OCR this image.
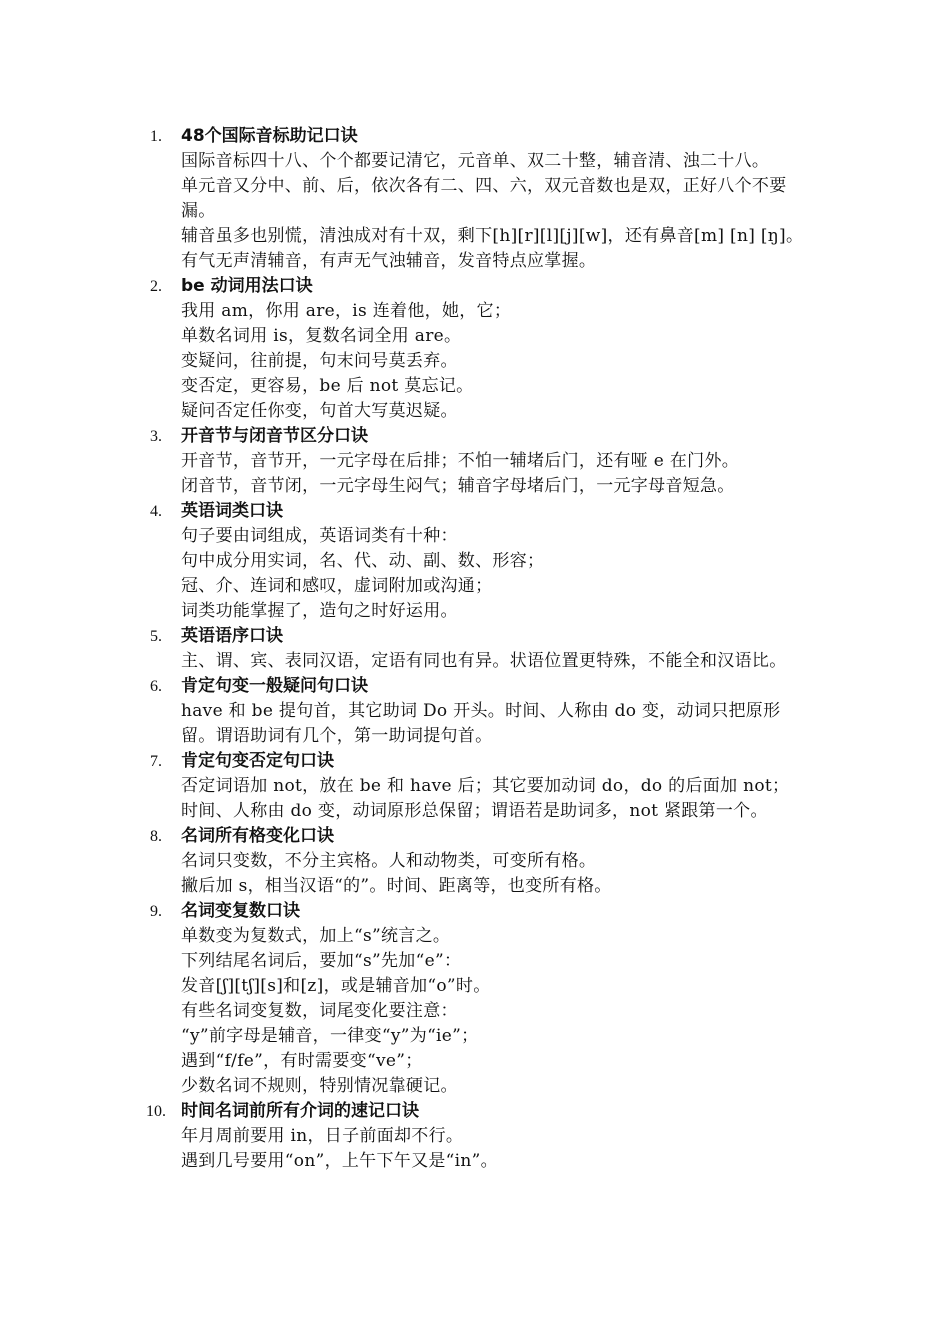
1.	48个国际音标助记口诀
国际音标四十八、个个都要记清它，元音单、双二十整，辅音清、浊二十八。
单元音又分中、前、后，依次各有二、四、六，双元音数也是双，正好八个不要漏。
辅音虽多也别慌，清浊成对有十双，剩下[h][r][l][j][w]，还有鼻音[m] [n] [ŋ]。
有气无声清辅音，有声无气浊辅音，发音特点应掌握。
2.	be 动词用法口诀
我用 am，你用 are，is 连着他，她，它；
单数名词用 is，复数名词全用 are。
变疑问，往前提，句末问号莫丢弃。
变否定，更容易，be 后 not 莫忘记。
疑问否定任你变，句首大写莫迟疑。
3.	开音节与闭音节区分口诀
开音节，音节开，一元字母在后排；不怕一辅堵后门，还有哑 e 在门外。
闭音节，音节闭，一元字母生闷气；辅音字母堵后门，一元字母音短急。
4.	英语词类口诀
句子要由词组成，英语词类有十种：
句中成分用实词，名、代、动、副、数、形容；
冠、介、连词和感叹，虚词附加或沟通；
词类功能掌握了，造句之时好运用。
5.	英语语序口诀
主、谓、宾、表同汉语，定语有同也有异。状语位置更特殊，不能全和汉语比。
6.	肯定句变一般疑问句口诀
have 和 be 提句首，其它助词 Do 开头。时间、人称由 do 变，动词只把原形留。谓语助词有几个，第一助词提句首。
7.	肯定句变否定句口诀
否定词语加 not，放在 be 和 have 后；其它要加动词 do，do 的后面加 not；
时间、人称由 do 变，动词原形总保留；谓语若是助词多，not 紧跟第一个。
8.	名词所有格变化口诀
名词只变数，不分主宾格。人和动物类，可变所有格。
撇后加 s，相当汉语“的”。时间、距离等，也变所有格。
9.	名词变复数口诀
单数变为复数式，加上“s”统言之。
下列结尾名词后，要加“s”先加“e”：
发音[ʃ][tʃ][s]和[z]，或是辅音加“o”时。
有些名词变复数，词尾变化要注意：
“y”前字母是辅音，一律变“y”为“ie”；
遇到“f/fe”，有时需要变“ve”；
少数名词不规则，特别情况靠硬记。
10. 时间名词前所有介词的速记口诀
年月周前要用 in，日子前面却不行。
遇到几号要用“on”，上午下午又是“in”。
